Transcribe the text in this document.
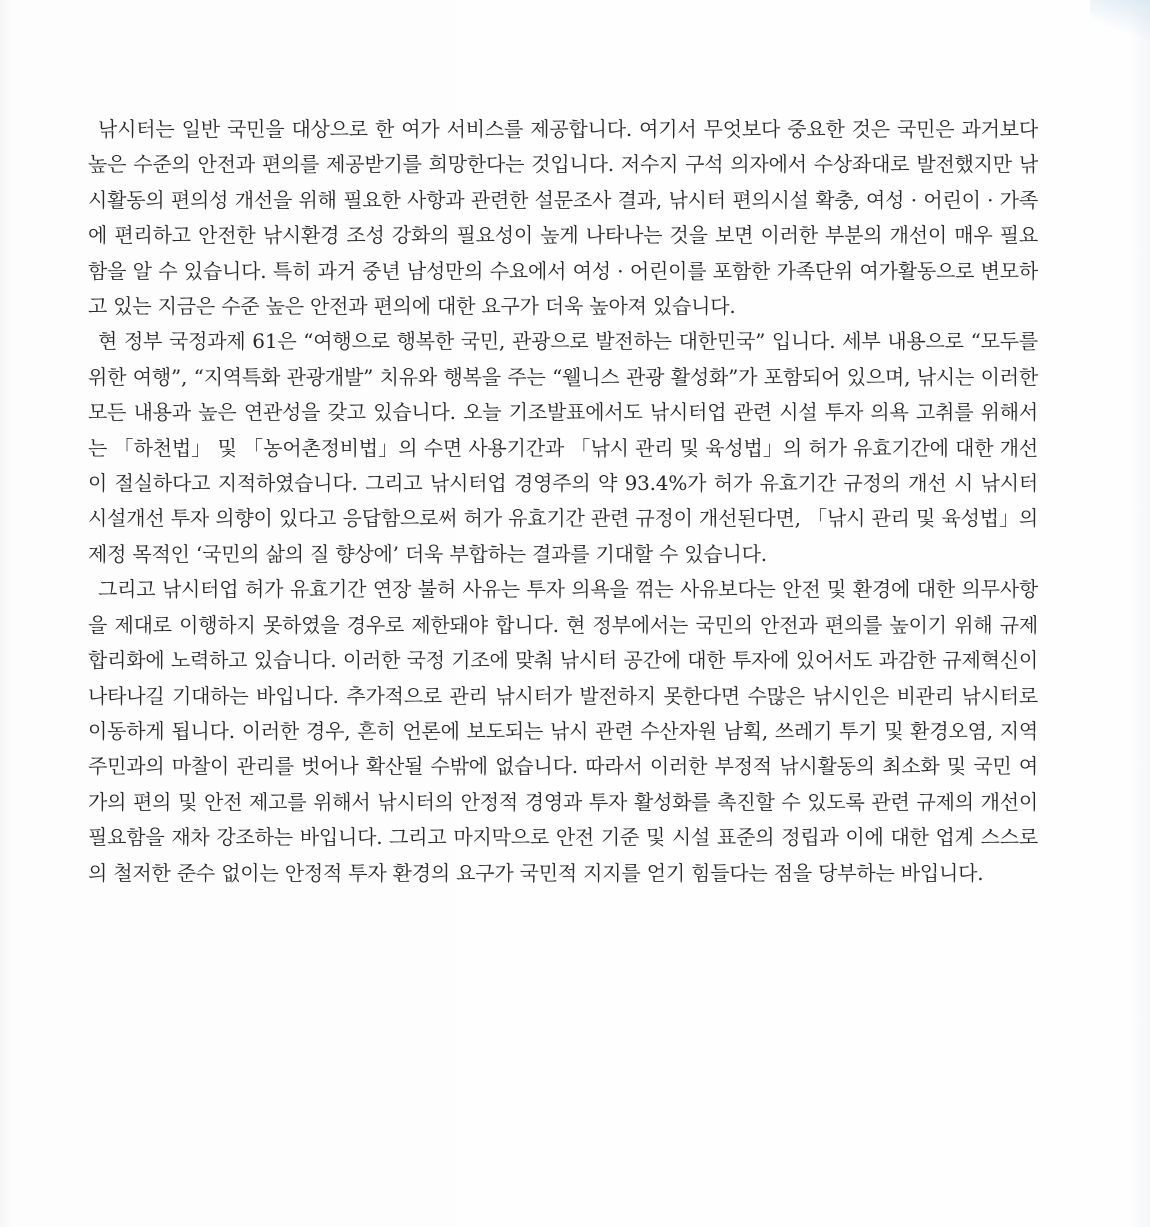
낚시터는 일반 국민을 대상으로 한 여가 서비스를 제공합니다. 여기서 무엇보다 중요한 것은 국민은 과거보다 높은 수준의 안전과 편의를 제공받기를 희망한다는 것입니다. 저수지 구석 의자에서 수상좌대로 발전했지만 낚시활동의 편의성 개선을 위해 필요한 사항과 관련한 설문조사 결과, 낚시터 편의시설 확충, 여성 · 어린이 · 가족에 편리하고 안전한 낚시환경 조성 강화의 필요성이 높게 나타나는 것을 보면 이러한 부분의 개선이 매우 필요함을 알 수 있습니다. 특히 과거 중년 남성만의 수요에서 여성 · 어린이를 포함한 가족단위 여가활동으로 변모하고 있는 지금은 수준 높은 안전과 편의에 대한 요구가 더욱 높아져 있습니다.

현 정부 국정과제 61은 “여행으로 행복한 국민, 관광으로 발전하는 대한민국” 입니다. 세부 내용으로 “모두를 위한 여행”, “지역특화 관광개발” 치유와 행복을 주는 “웰니스 관광 활성화”가 포함되어 있으며, 낚시는 이러한 모든 내용과 높은 연관성을 갖고 있습니다. 오늘 기조발표에서도 낚시터업 관련 시설 투자 의욕 고취를 위해서는 「하천법」 및 「농어촌정비법」의 수면 사용기간과 「낚시 관리 및 육성법」의 허가 유효기간에 대한 개선이 절실하다고 지적하였습니다. 그리고 낚시터업 경영주의 약 93.4%가 허가 유효기간 규정의 개선 시 낚시터 시설개선 투자 의향이 있다고 응답함으로써 허가 유효기간 관련 규정이 개선된다면, 「낚시 관리 및 육성법」의 제정 목적인 ‘국민의 삶의 질 향상에’ 더욱 부합하는 결과를 기대할 수 있습니다.

그리고 낚시터업 허가 유효기간 연장 불허 사유는 투자 의욕을 꺾는 사유보다는 안전 및 환경에 대한 의무사항을 제대로 이행하지 못하였을 경우로 제한돼야 합니다. 현 정부에서는 국민의 안전과 편의를 높이기 위해 규제 합리화에 노력하고 있습니다. 이러한 국정 기조에 맞춰 낚시터 공간에 대한 투자에 있어서도 과감한 규제혁신이 나타나길 기대하는 바입니다. 추가적으로 관리 낚시터가 발전하지 못한다면 수많은 낚시인은 비관리 낚시터로 이동하게 됩니다. 이러한 경우, 흔히 언론에 보도되는 낚시 관련 수산자원 남획, 쓰레기 투기 및 환경오염, 지역주민과의 마찰이 관리를 벗어나 확산될 수밖에 없습니다. 따라서 이러한 부정적 낚시활동의 최소화 및 국민 여가의 편의 및 안전 제고를 위해서 낚시터의 안정적 경영과 투자 활성화를 촉진할 수 있도록 관련 규제의 개선이 필요함을 재차 강조하는 바입니다. 그리고 마지막으로 안전 기준 및 시설 표준의 정립과 이에 대한 업계 스스로의 철저한 준수 없이는 안정적 투자 환경의 요구가 국민적 지지를 얻기 힘들다는 점을 당부하는 바입니다.
